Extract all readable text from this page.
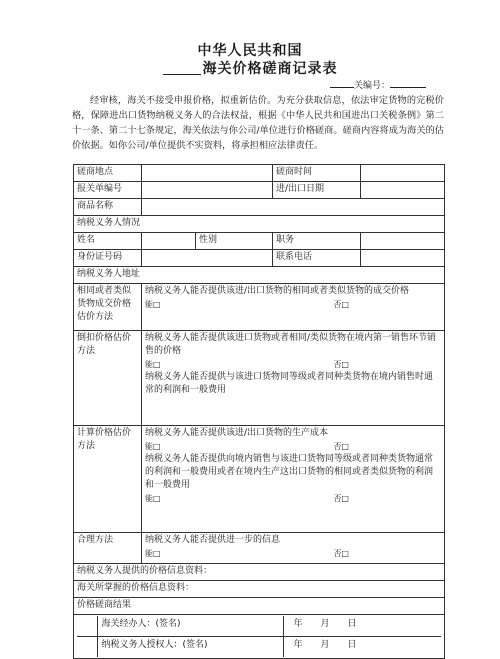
中华人民共和国
海关价格磋商记录表
关编号：
经审核，海关不接受申报价格，拟重新估价。为充分获取信息，依法审定货物的完税价格，保障进出口货物纳税义务人的合法权益，根据《中华人民共和国进出口关税条例》第二十一条、第二十七条规定，海关依法与你公司/单位进行价格磋商。磋商内容将成为海关的估价依据。如你公司/单位提供不实资料，将承担相应法律责任。
磋商地点		磋商时间	
报关单编号		进/出口日期	
商品名称	
纳税义务人情况
姓名		性别	职务	
身份证号码		联系电话	
纳税义务人地址
相同或者类似货物成交价格估价方法	
纳税义务人能否提供该进/出口货物的相同或者类似货物的成交价格
能□	否□

倒扣价格估价方法	
纳税义务人能否提供该进口货物或者相同/类似货物在境内第一销售环节销售的价格
能□	否□
纳税义务人能否提供与该进口货物同等级或者同种类货物在境内销售时通常的利润和一般费用

计算价格估价方法	
纳税义务人能否提供该进/出口货物的生产成本
能□	否□
纳税义务人能否提供向境内销售与该进口货物同等级或者同种类货物通常的利润和一般费用或者在境内生产这出口货物的相同或者类似货物的利润和一般费用
能□	否□

合理方法	纳税义务人能否提供进一步的信息
能□	否□

纳税义务人提供的价格信息资料：
海关所掌握的价格信息资料：
价格磋商结果

	海关经办人：(签名)	年 月 日

	纳税义务人授权人：(签名)	年 月 日
